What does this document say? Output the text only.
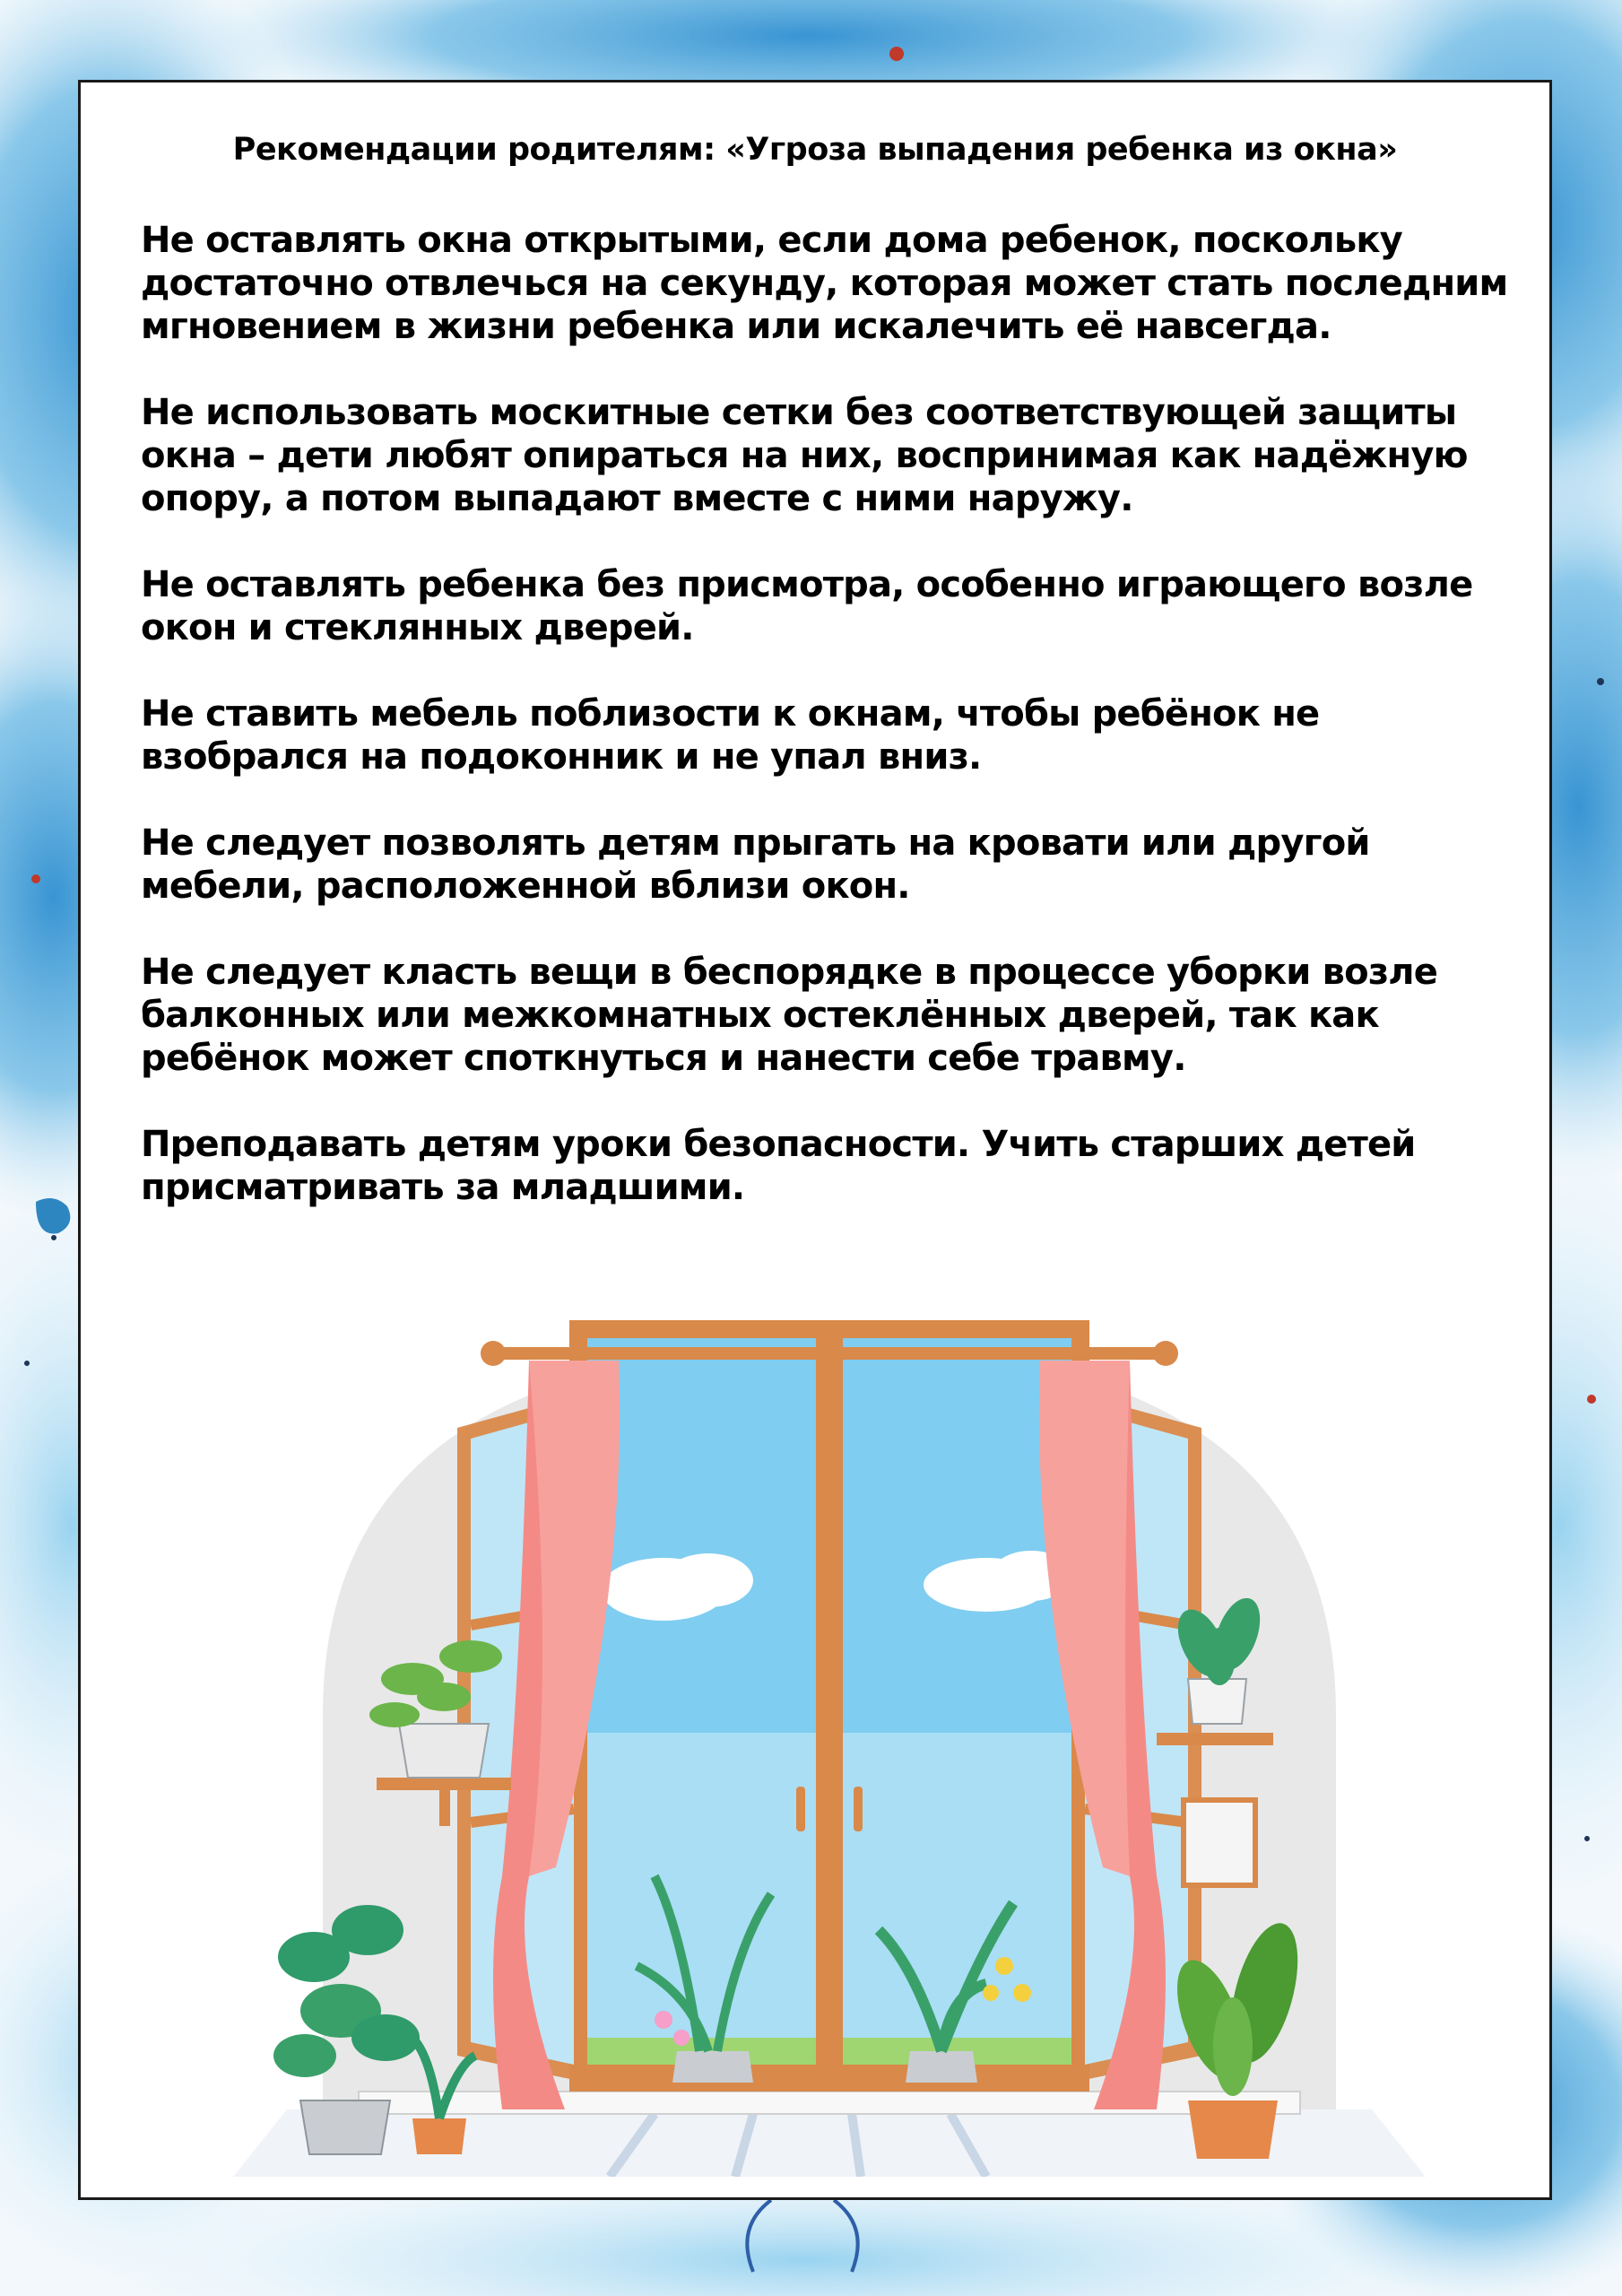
Рекомендации родителям: «Угроза выпадения ребенка из окна»
Не оставлять окна открытыми, если дома ребенок, поскольку достаточно отвлечься на секунду, которая может стать последним мгновением в жизни ребенка или искалечить её навсегда.
Не использовать москитные сетки без соответствующей защиты окна – дети любят опираться на них, воспринимая как надёжную опору, а потом выпадают вместе с ними наружу.
Не оставлять ребенка без присмотра, особенно играющего возле окон и стеклянных дверей.
Не ставить мебель поблизости к окнам, чтобы ребёнок не взобрался на подоконник и не упал вниз.
Не следует позволять детям прыгать на кровати или другой мебели, расположенной вблизи окон.
Не следует класть вещи в беспорядке в процессе уборки возле балконных или межкомнатных остеклённых дверей, так как ребёнок может споткнуться и нанести себе травму.
Преподавать детям уроки безопасности. Учить старших детей присматривать за младшими.
